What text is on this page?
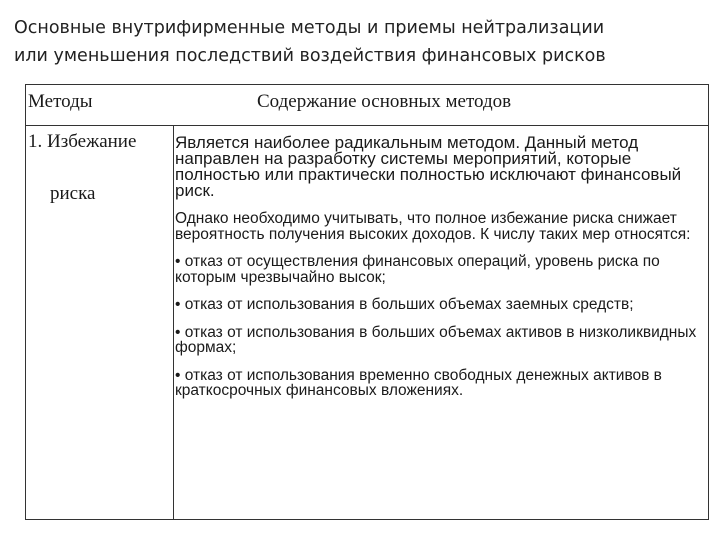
Основные внутрифирменные методы и приемы нейтрализации
или уменьшения последствий воздействия финансовых рисков
Методы	Содержание основных методов
1. Избежание
риска

Является наиболее радикальным методом. Данный метод направлен на разработку системы мероприятий, которые полностью или практически полностью исключают финансовый риск.

Однако необходимо учитывать, что полное избежание риска снижает вероятность получения высоких доходов. К числу таких мер относятся:

• отказ от осуществления финансовых операций, уровень риска по которым чрезвычайно высок;

• отказ от использования в больших объемах заемных средств;

• отказ от использования в больших объемах активов в низколиквидных формах;

• отказ от использования временно свободных денежных активов в краткосрочных финансовых вложениях.
